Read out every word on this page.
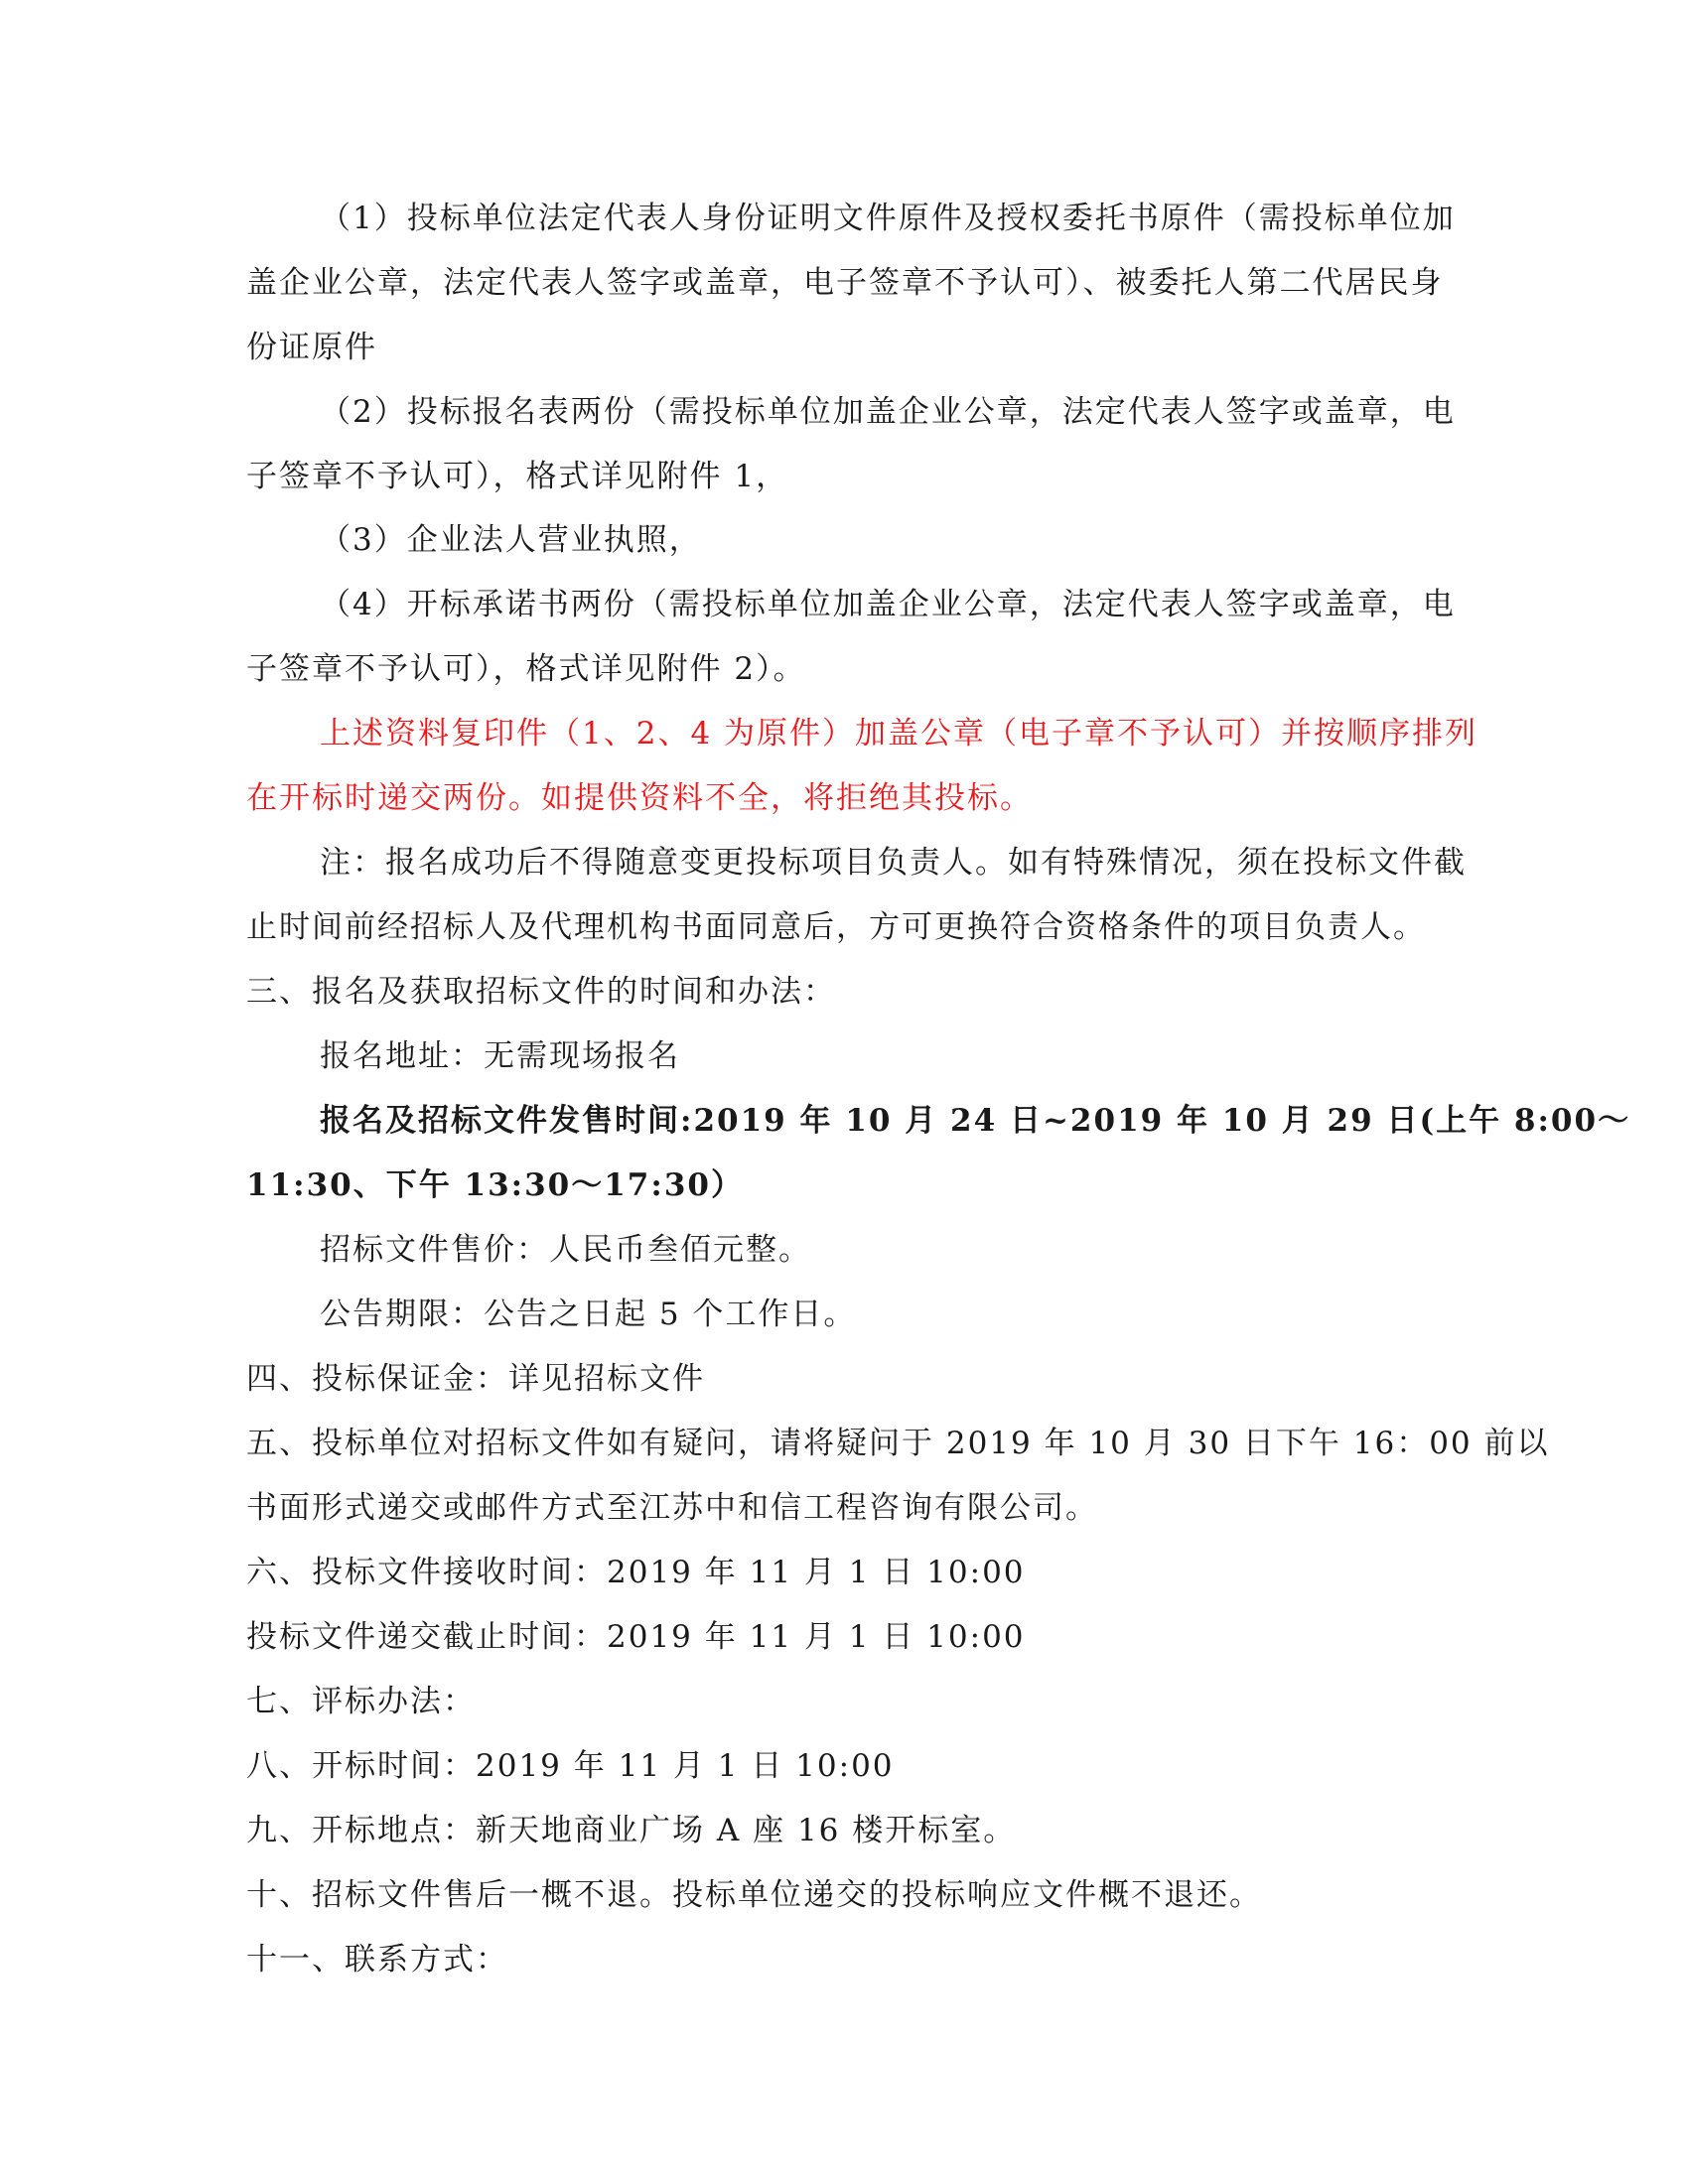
（1）投标单位法定代表人身份证明文件原件及授权委托书原件（需投标单位加
盖企业公章，法定代表人签字或盖章，电子签章不予认可）、被委托人第二代居民身
份证原件
（2）投标报名表两份（需投标单位加盖企业公章，法定代表人签字或盖章，电
子签章不予认可），格式详见附件 1，
（3）企业法人营业执照，
（4）开标承诺书两份（需投标单位加盖企业公章，法定代表人签字或盖章，电
子签章不予认可），格式详见附件 2）。
上述资料复印件（1、2、4 为原件）加盖公章（电子章不予认可）并按顺序排列
在开标时递交两份。如提供资料不全，将拒绝其投标。
注：报名成功后不得随意变更投标项目负责人。如有特殊情况，须在投标文件截
止时间前经招标人及代理机构书面同意后，方可更换符合资格条件的项目负责人。
三、报名及获取招标文件的时间和办法：
报名地址：无需现场报名
报名及招标文件发售时间:2019 年 10 月 24 日~2019 年 10 月 29 日(上午 8:00～
11:30、下午 13:30～17:30）
招标文件售价：人民币叁佰元整。
公告期限：公告之日起 5 个工作日。
四、投标保证金：详见招标文件
五、投标单位对招标文件如有疑问，请将疑问于 2019 年 10 月 30 日下午 16：00 前以
书面形式递交或邮件方式至江苏中和信工程咨询有限公司。
六、投标文件接收时间：2019 年 11 月 1 日 10:00
投标文件递交截止时间：2019 年 11 月 1 日 10:00
七、评标办法：
八、开标时间：2019 年 11 月 1 日 10:00
九、开标地点：新天地商业广场 A 座 16 楼开标室。
十、招标文件售后一概不退。投标单位递交的投标响应文件概不退还。
十一、联系方式：
